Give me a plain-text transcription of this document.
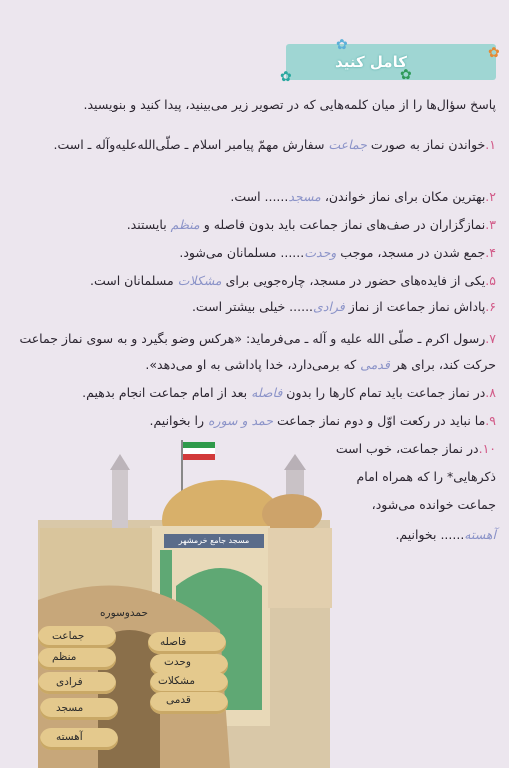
کامل کنید
✿
✿
✿
✿
پاسخ سؤال‌ها را از میان کلمه‌هایی که در تصویر زیر می‌بینید، پیدا کنید و بنویسید.
۱.خواندن نماز به صورت جماعت سفارش مهمّ پیامبر اسلام ـ صلّی‌الله‌علیه‌وآله ـ است.
۲.بهترین مکان برای نماز خواندن، مسجد...... است.
۳.نمازگزاران در صف‌های نماز جماعت باید بدون فاصله و منظم بایستند.
۴.جمع شدن در مسجد، موجب وحدت...... مسلمانان می‌شود.
۵.یکی از فایده‌های حضور در مسجد، چاره‌جویی برای مشکلات مسلمانان است.
۶.پاداش نماز جماعت از نماز فرادی...... خیلی بیشتر است.
۷.رسول اکرم ـ صلّی الله علیه و آله ـ می‌فرماید: «هرکس وضو بگیرد و به سوی نماز جماعت حرکت کند، برای هر قدمی که برمی‌دارد، خدا پاداشی به او می‌دهد».
۸.در نماز جماعت باید تمام کارها را بدون فاصله بعد از امام جماعت انجام بدهیم.
۹.ما نباید در رکعت اوّل و دوم نماز جماعت حمد و سوره را بخوانیم.
۱۰.در نماز جماعت، خوب است
ذکرهایی* را که همراه امام
جماعت خوانده می‌شود،
آهسته...... بخوانیم.
مسجد جامع خرمشهر
حمدوسوره
جماعت
منظم
فرادی
مسجد
آهسته
فاصله
وحدت
مشکلات
قدمی
